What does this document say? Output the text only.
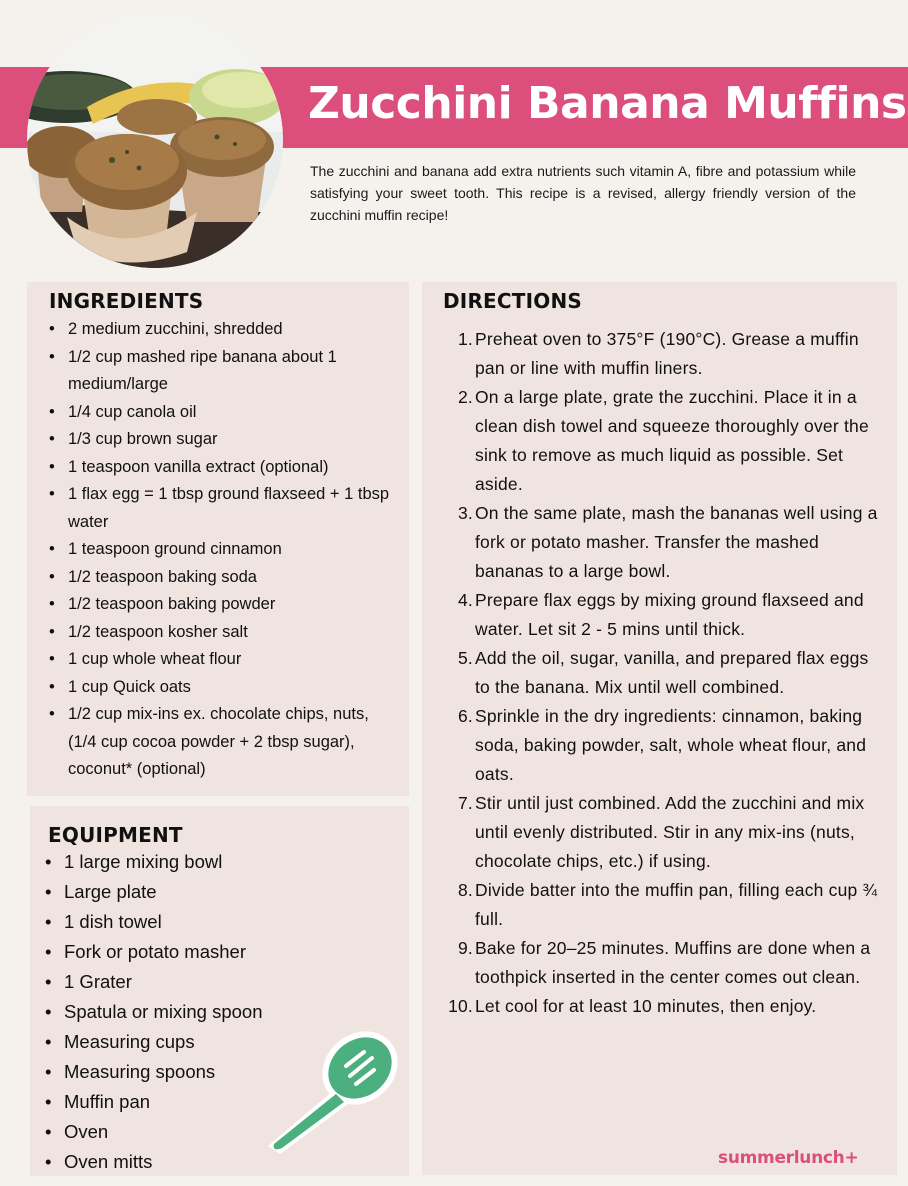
Zucchini Banana Muffins

The zucchini and banana add extra nutrients such vitamin A, fibre and potassium while satisfying your sweet tooth. This recipe is a revised, allergy friendly version of the zucchini muffin recipe!

INGREDIENTS
• 2 medium zucchini, shredded
• 1/2 cup mashed ripe banana about 1 medium/large
• 1/4 cup canola oil
• 1/3 cup brown sugar
• 1 teaspoon vanilla extract (optional)
• 1 flax egg = 1 tbsp ground flaxseed + 1 tbsp water
• 1 teaspoon ground cinnamon
• 1/2 teaspoon baking soda
• 1/2 teaspoon baking powder
• 1/2 teaspoon kosher salt
• 1 cup whole wheat flour
• 1 cup Quick oats
• 1/2 cup mix-ins ex. chocolate chips, nuts, (1/4 cup cocoa powder + 2 tbsp sugar), coconut* (optional)
EQUIPMENT
• 1 large mixing bowl
• Large plate
• 1 dish towel
• Fork or potato masher
• 1 Grater
• Spatula or mixing spoon
• Measuring cups
• Measuring spoons
• Muffin pan
• Oven
• Oven mitts
DIRECTIONS
1. Preheat oven to 375°F (190°C). Grease a muffin pan or line with muffin liners.
2. On a large plate, grate the zucchini. Place it in a clean dish towel and squeeze thoroughly over the sink to remove as much liquid as possible. Set aside.
3. On the same plate, mash the bananas well using a fork or potato masher. Transfer the mashed bananas to a large bowl.
4. Prepare flax eggs by mixing ground flaxseed and water. Let sit 2 - 5 mins until thick.
5. Add the oil, sugar, vanilla, and prepared flax eggs to the banana. Mix until well combined.
6. Sprinkle in the dry ingredients: cinnamon, baking soda, baking powder, salt, whole wheat flour, and oats.
7. Stir until just combined. Add the zucchini and mix until evenly distributed. Stir in any mix-ins (nuts, chocolate chips, etc.) if using.
8. Divide batter into the muffin pan, filling each cup ¾ full.
9. Bake for 20–25 minutes. Muffins are done when a toothpick inserted in the center comes out clean.
10. Let cool for at least 10 minutes, then enjoy.
summerlunch+
